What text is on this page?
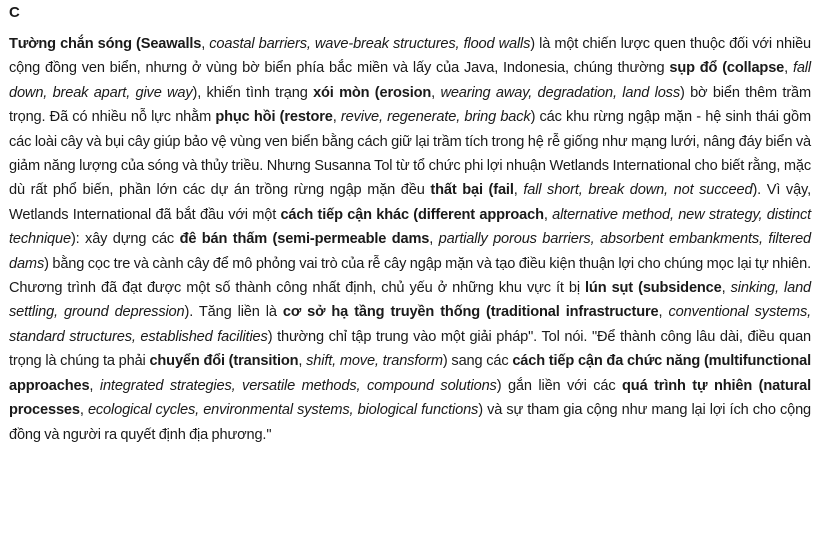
C

Tường chắn sóng (Seawalls, coastal barriers, wave-break structures, flood walls) là một chiến lược quen thuộc đối với nhiều cộng đồng ven biển, nhưng ở vùng bờ biển phía bắc miền và lấy của Java, Indonesia, chúng thường sụp đổ (collapse, fall down, break apart, give way), khiến tình trạng xói mòn (erosion, wearing away, degradation, land loss) bờ biển thêm trầm trọng. Đã có nhiều nỗ lực nhằm phục hồi (restore, revive, regenerate, bring back) các khu rừng ngập mặn - hệ sinh thái gồm các loài cây và bụi cây giúp bảo vệ vùng ven biển bằng cách giữ lại trầm tích trong hệ rễ giống như mạng lưới, nâng đáy biển và giảm năng lượng của sóng và thủy triều. Nhưng Susanna Tol từ tổ chức phi lợi nhuận Wetlands International cho biết rằng, mặc dù rất phổ biến, phần lớn các dự án trồng rừng ngập mặn đều thất bại (fail, fall short, break down, not succeed). Vì vậy, Wetlands International đã bắt đầu với một cách tiếp cận khác (different approach, alternative method, new strategy, distinct technique): xây dựng các đê bán thấm (semi-permeable dams, partially porous barriers, absorbent embankments, filtered dams) bằng cọc tre và cành cây để mô phỏng vai trò của rễ cây ngập mặn và tạo điều kiện thuận lợi cho chúng mọc lại tự nhiên. Chương trình đã đạt được một số thành công nhất định, chủ yếu ở những khu vực ít bị lún sụt (subsidence, sinking, land settling, ground depression). Tăng liền là cơ sở hạ tầng truyền thống (traditional infrastructure, conventional systems, standard structures, established facilities) thường chỉ tập trung vào một giải pháp". Tol nói. "Để thành công lâu dài, điều quan trọng là chúng ta phải chuyển đổi (transition, shift, move, transform) sang các cách tiếp cận đa chức năng (multifunctional approaches, integrated strategies, versatile methods, compound solutions) gắn liền với các quá trình tự nhiên (natural processes, ecological cycles, environmental systems, biological functions) và sự tham gia cộng như mang lại lợi ích cho cộng đồng và người ra quyết định địa phương."
